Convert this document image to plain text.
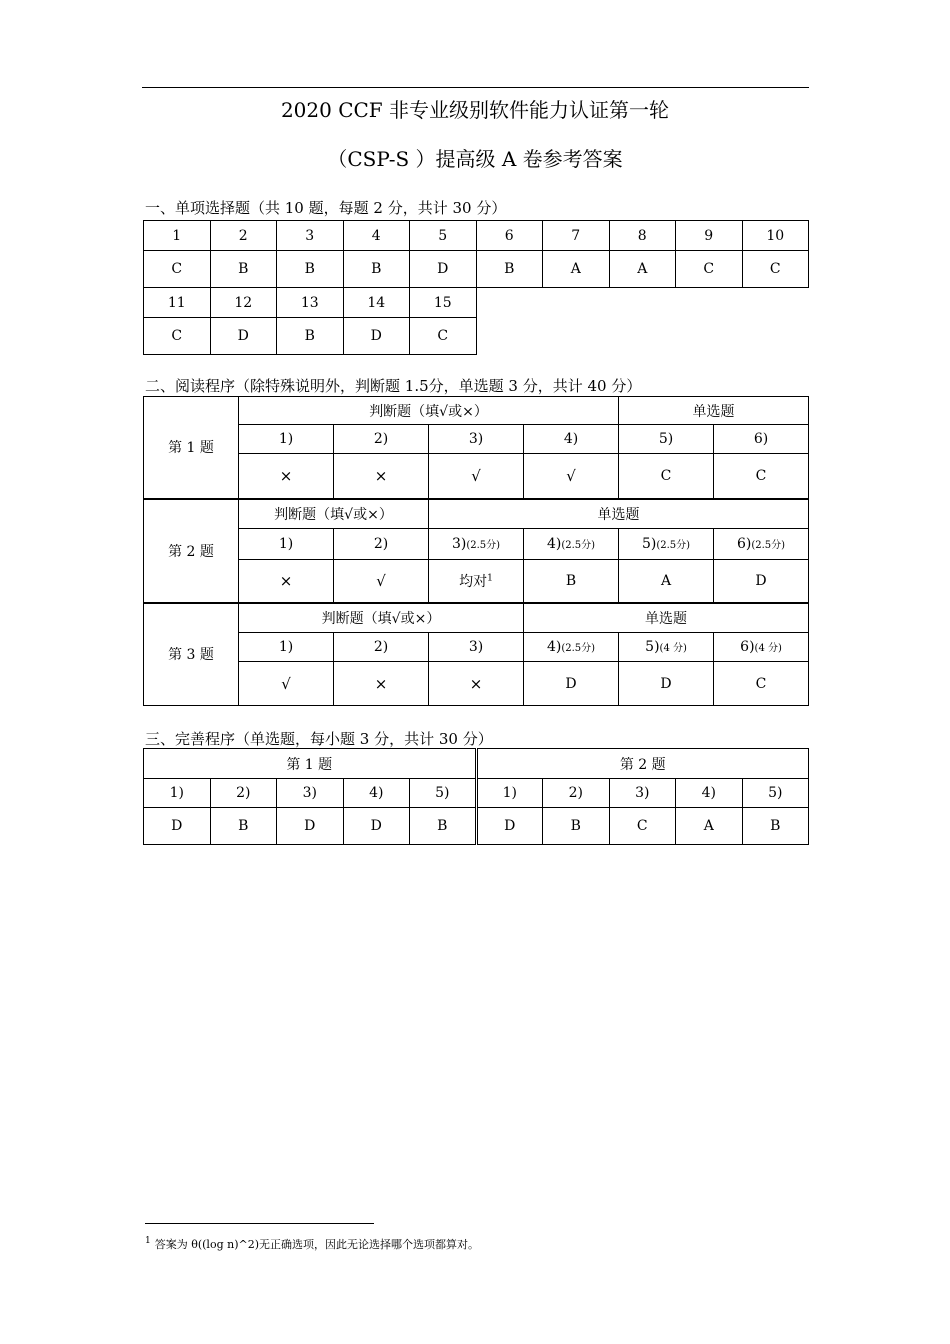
2020 CCF 非专业级别软件能力认证第一轮
（CSP-S ）提高级 A 卷参考答案
一、单项选择题（共 10 题，每题 2 分，共计 30 分）
1	2	3	4	5	6	7	8	9	10
C	B	B	B	D	B	A	A	C	C
11	12	13	14	15
C	D	B	D	C
二、阅读程序（除特殊说明外，判断题 1.5分，单选题 3 分，共计 40 分）
第 1 题	判断题（填√或×）				单选题	
	1)	2)	3)	4)	5)	6)
	×	×	√	√	C	C
第 2 题	判断题（填√或×）		单选题			
	1)	2)	3)(2.5分)	4)(2.5分)	5)(2.5分)	6)(2.5分)
	×	√	均对$^1$	B	A	D
第 3 题	判断题（填√或×）			单选题		
	1)	2)	3)	4)(2.5分)	5)(4 分)	6)(4 分)
	√	×	×	D	D	C
三、完善程序（单选题，每小题 3 分，共计 30 分）
第 1 题					第 2 题				
1)	2)	3)	4)	5)	1)	2)	3)	4)	5)
D	B	D	D	B	D	B	C	A	B
$^1$ 答案为 θ((log n)^2)无正确选项，因此无论选择哪个选项都算对。
